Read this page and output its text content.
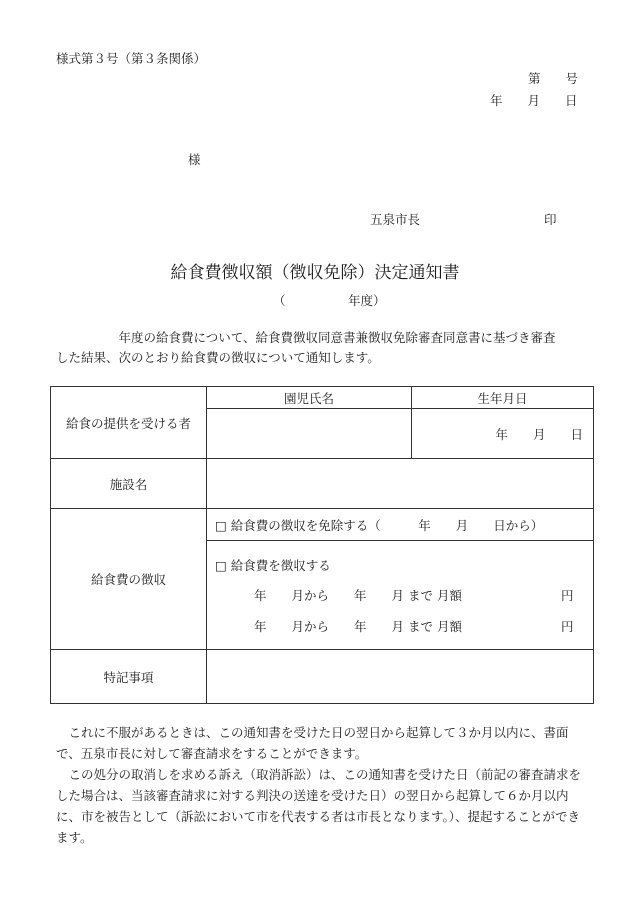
様式第３号（第３条関係）
第　　号
年　　月　　日
様
五泉市長	印
給食費徴収額（徴収免除）決定通知書
（　　　　　年度）

　　　　　年度の給食費について、給食費徴収同意書兼徴収免除審査同意書に基づき審査

した結果、次のとおり給食費の徴収について通知します。

給食の提供を受ける者	園児氏名	生年月日
		年　　月　　日
施設名		
給食費の徴収	□ 給食費の徴収を免除する（　　　年　　月　　日から）	

	□ 給食費を徴収する
年　　月から　　年　　月 まで 月額 円
年　　月から　　年　　月 まで 月額 円	

特記事項		

これに不服があるときは、この通知書を受けた日の翌日から起算して３か月以内に、書面で、五泉市長に対して審査請求をすることができます。

この処分の取消しを求める訴え（取消訴訟）は、この通知書を受けた日（前記の審査請求をした場合は、当該審査請求に対する判決の送達を受けた日）の翌日から起算して６か月以内に、市を被告として（訴訟において市を代表する者は市長となります。）、提起することができます。
